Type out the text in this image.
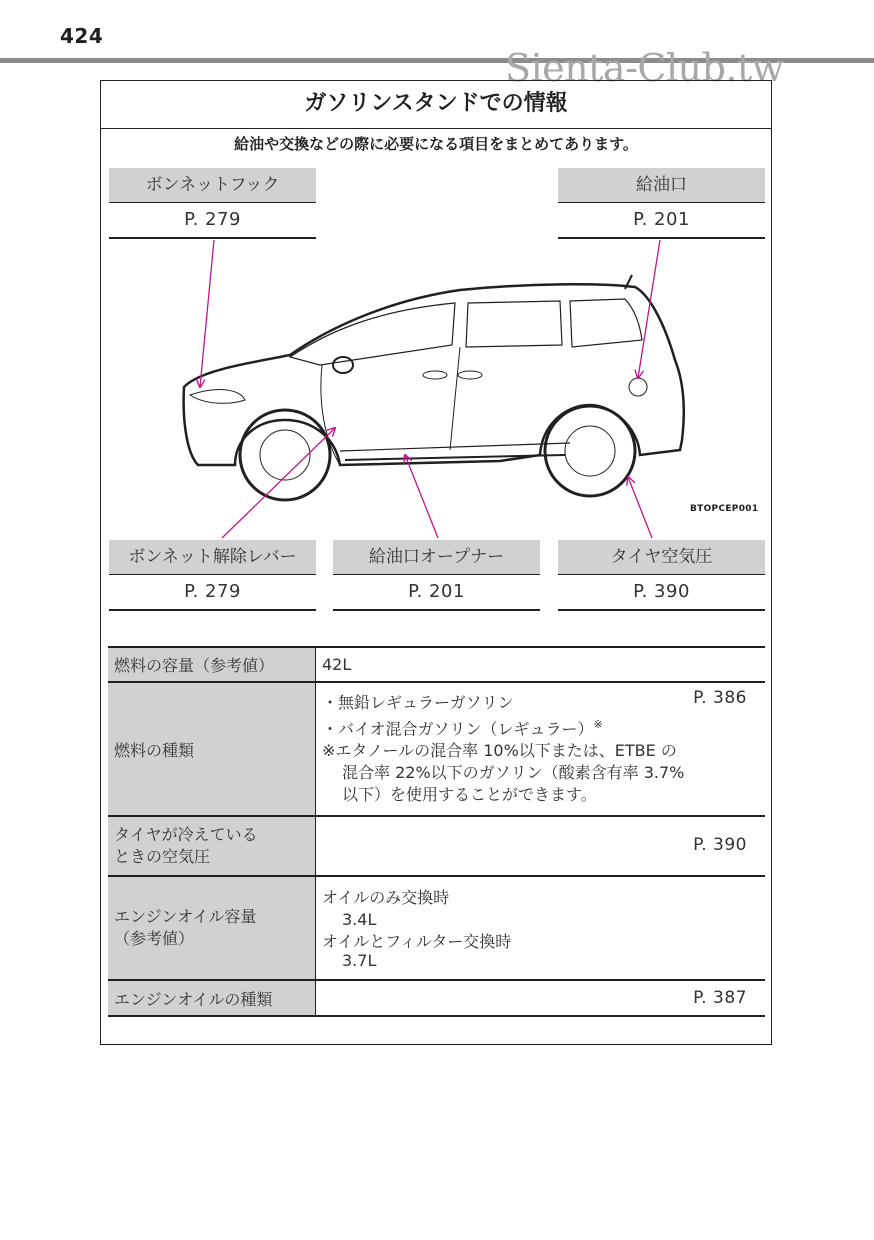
424
Sienta-Club.tw
ガソリンスタンドでの情報
給油や交換などの際に必要になる項目をまとめてあります。
ボンネットフック
P. 279
給油口
P. 201
BTOPCEP001
ボンネット解除レバー
P. 279
給油口オープナー
P. 201
タイヤ空気圧
P. 390
燃料の容量（参考値）	42L
燃料の種類	
P. 386
・無鉛レギュラーガソリン
・バイオ混合ガソリン（レギュラー）※
※エタノールの混合率 10%以下または、ETBE の
混合率 22%以下のガソリン（酸素含有率 3.7%
以下）を使用することができます。

タイヤが冷えている
ときの空気圧	P. 390

エンジンオイル容量
（参考値）

オイルのみ交換時
3.4L
オイルとフィルター交換時
3.7L

エンジンオイルの種類	P. 387
